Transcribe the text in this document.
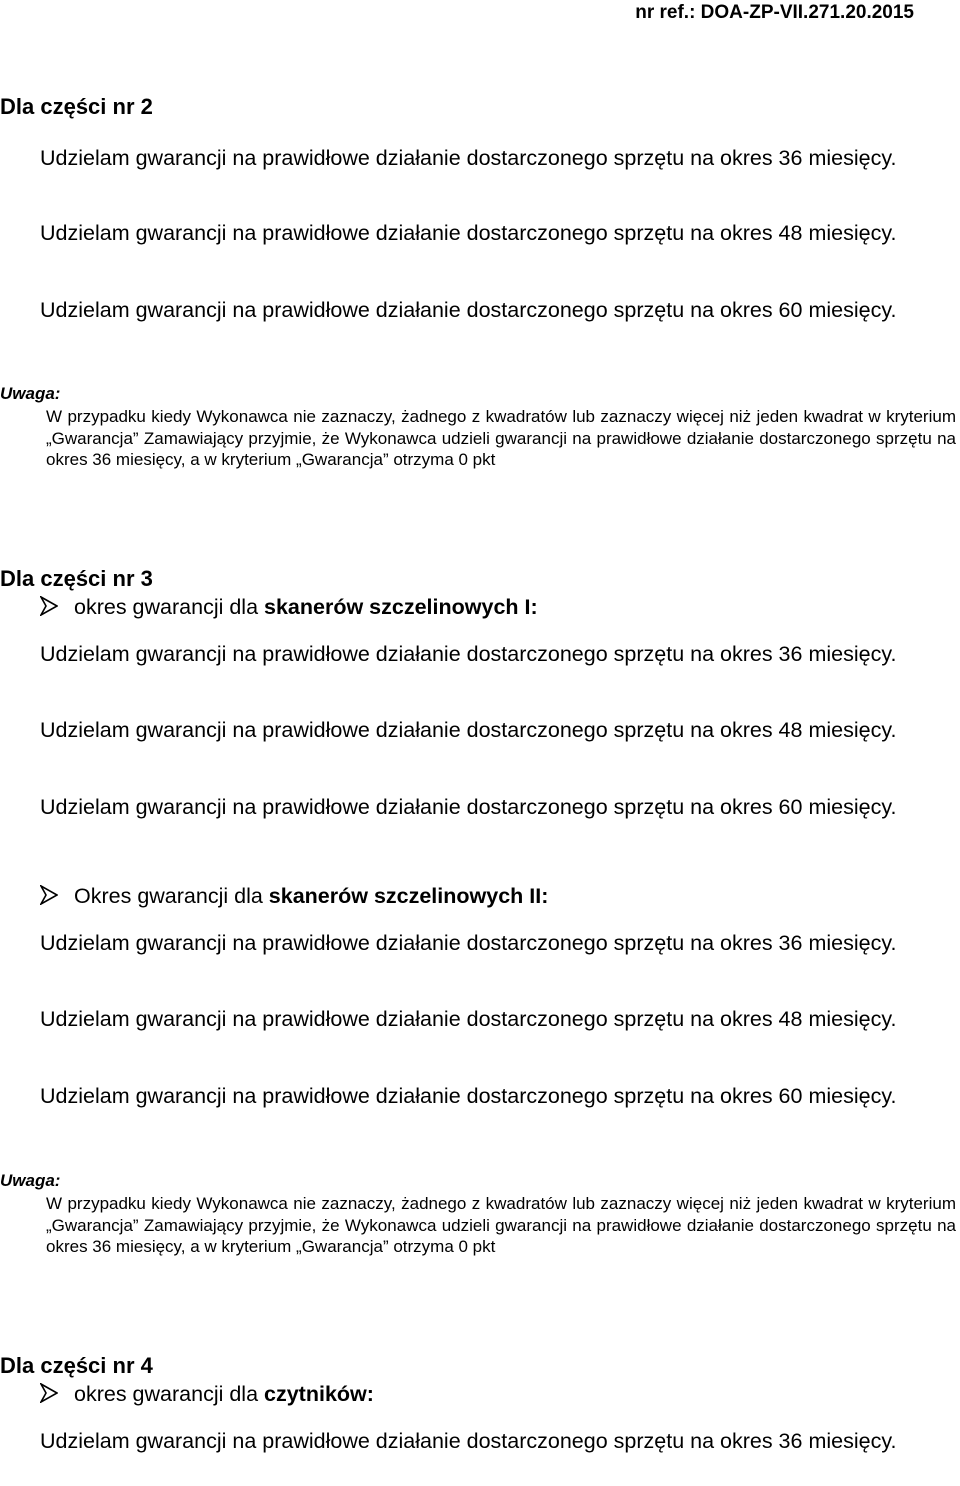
nr ref.: DOA-ZP-VII.271.20.2015
Dla części nr 2
Udzielam gwarancji na prawidłowe działanie dostarczonego sprzętu na okres 36 miesięcy.
Udzielam gwarancji na prawidłowe działanie dostarczonego sprzętu na okres 48 miesięcy.
Udzielam gwarancji na prawidłowe działanie dostarczonego sprzętu na okres 60 miesięcy.
Uwaga:
W przypadku kiedy Wykonawca nie zaznaczy, żadnego z kwadratów lub zaznaczy więcej niż jeden kwadrat w kryterium „Gwarancja” Zamawiający przyjmie, że Wykonawca udzieli gwarancji na prawidłowe działanie dostarczonego sprzętu na okres 36 miesięcy, a w kryterium „Gwarancja” otrzyma 0 pkt
Dla części nr 3
okres gwarancji dla skanerów szczelinowych I:
Udzielam gwarancji na prawidłowe działanie dostarczonego sprzętu na okres 36 miesięcy.
Udzielam gwarancji na prawidłowe działanie dostarczonego sprzętu na okres 48 miesięcy.
Udzielam gwarancji na prawidłowe działanie dostarczonego sprzętu na okres 60 miesięcy.
Okres gwarancji dla skanerów szczelinowych II:
Udzielam gwarancji na prawidłowe działanie dostarczonego sprzętu na okres 36 miesięcy.
Udzielam gwarancji na prawidłowe działanie dostarczonego sprzętu na okres 48 miesięcy.
Udzielam gwarancji na prawidłowe działanie dostarczonego sprzętu na okres 60 miesięcy.
Uwaga:
W przypadku kiedy Wykonawca nie zaznaczy, żadnego z kwadratów lub zaznaczy więcej niż jeden kwadrat w kryterium „Gwarancja” Zamawiający przyjmie, że Wykonawca udzieli gwarancji na prawidłowe działanie dostarczonego sprzętu na okres 36 miesięcy, a w kryterium „Gwarancja” otrzyma 0 pkt
Dla części nr 4
okres gwarancji dla czytników:
Udzielam gwarancji na prawidłowe działanie dostarczonego sprzętu na okres 36 miesięcy.
